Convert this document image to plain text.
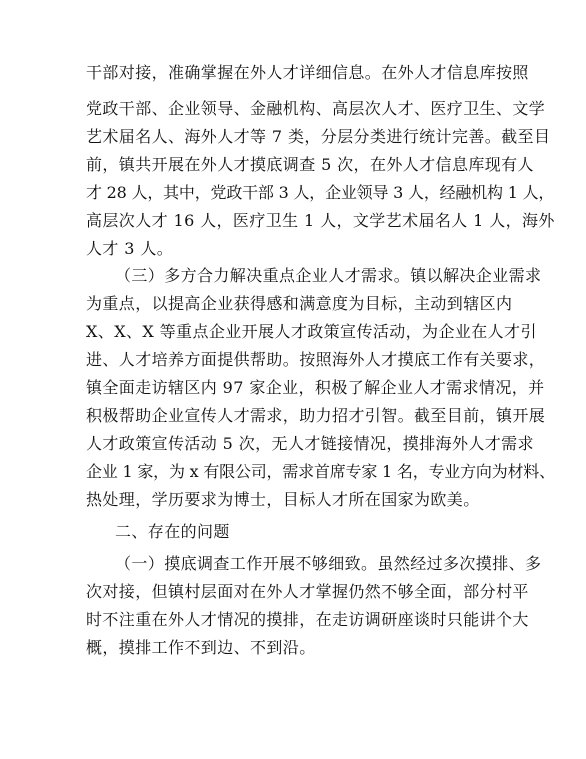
干部对接，准确掌握在外人才详细信息。在外人才信息库按照
党政干部、企业领导、金融机构、高层次人才、医疗卫生、文学
艺术届名人、海外人才等 7 类，分层分类进行统计完善。截至目
前，镇共开展在外人才摸底调查 5 次，在外人才信息库现有人
才 28 人，其中，党政干部 3 人，企业领导 3 人，经融机构 1 人，
高层次人才 16 人，医疗卫生 1 人，文学艺术届名人 1 人，海外
人才 3 人。
（三）多方合力解决重点企业人才需求。镇以解决企业需求
为重点，以提高企业获得感和满意度为目标，主动到辖区内
X、X、X 等重点企业开展人才政策宣传活动，为企业在人才引
进、人才培养方面提供帮助。按照海外人才摸底工作有关要求，
镇全面走访辖区内 97 家企业，积极了解企业人才需求情况，并
积极帮助企业宣传人才需求，助力招才引智。截至目前，镇开展
人才政策宣传活动 5 次，无人才链接情况，摸排海外人才需求
企业 1 家，为 x 有限公司，需求首席专家 1 名，专业方向为材料、
热处理，学历要求为博士，目标人才所在国家为欧美。
二、存在的问题
（一）摸底调查工作开展不够细致。虽然经过多次摸排、多
次对接，但镇村层面对在外人才掌握仍然不够全面，部分村平
时不注重在外人才情况的摸排，在走访调研座谈时只能讲个大
概，摸排工作不到边、不到沿。
